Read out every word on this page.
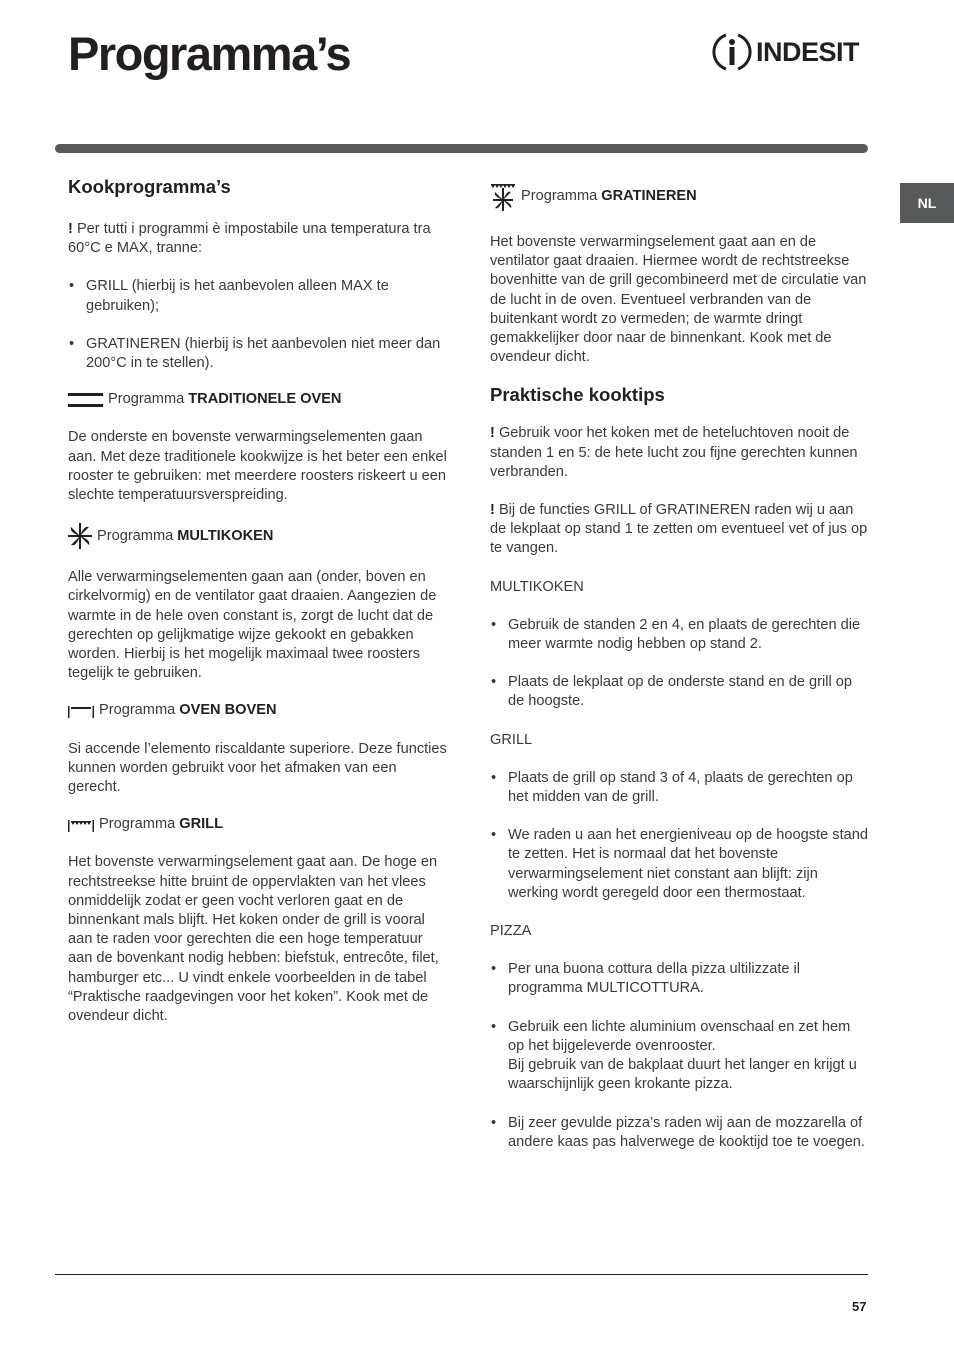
Programma’s	INDESIT
NL
Kookprogramma’s

! Per tutti i programmi è impostabile una temperatura tra 60°C e MAX, tranne:

• GRILL (hierbij is het aanbevolen alleen MAX te gebruiken);
• GRATINEREN (hierbij is het aanbevolen niet meer dan 200°C in te stellen).
Programma TRADITIONELE OVEN

De onderste en bovenste verwarmingselementen gaan aan. Met deze traditionele kookwijze is het beter een enkel rooster te gebruiken: met meerdere roosters riskeert u een slechte temperatuursverspreiding.

Programma MULTIKOKEN

Alle verwarmingselementen gaan aan (onder, boven en cirkelvormig) en de ventilator gaat draaien. Aangezien de warmte in de hele oven constant is, zorgt de lucht dat de gerechten op gelijkmatige wijze gekookt en gebakken worden. Hierbij is het mogelijk maximaal twee roosters tegelijk te gebruiken.

Programma OVEN BOVEN

Si accende l’elemento riscaldante superiore. Deze functies kunnen worden gebruikt voor het afmaken van een gerecht.

Programma GRILL

Het bovenste verwarmingselement gaat aan. De hoge en rechtstreekse hitte bruint de oppervlakten van het vlees onmiddelijk zodat er geen vocht verloren gaat en de binnenkant mals blijft. Het koken onder de grill is vooral aan te raden voor gerechten die een hoge temperatuur aan de bovenkant nodig hebben: biefstuk, entrecôte, filet, hamburger etc... U vindt enkele voorbeelden in de tabel “Praktische raadgevingen voor het koken”. Kook met de ovendeur dicht.

Programma GRATINEREN

Het bovenste verwarmingselement gaat aan en de ventilator gaat draaien. Hiermee wordt de rechtstreekse bovenhitte van de grill gecombineerd met de circulatie van de lucht in de oven. Eventueel verbranden van de buitenkant wordt zo vermeden; de warmte dringt gemakkelijker door naar de binnenkant. Kook met de ovendeur dicht.

Praktische kooktips

! Gebruik voor het koken met de heteluchtoven nooit de standen 1 en 5: de hete lucht zou fijne gerechten kunnen verbranden.

! Bij de functies GRILL of GRATINEREN raden wij u aan de lekplaat op stand 1 te zetten om eventueel vet of jus op te vangen.

MULTIKOKEN

• Gebruik de standen 2 en 4, en plaats de gerechten die meer warmte nodig hebben op stand 2.
• Plaats de lekplaat op de onderste stand en de grill op de hoogste.

GRILL

• Plaats de grill op stand 3 of 4, plaats de gerechten op het midden van de grill.
• We raden u aan het energieniveau op de hoogste stand te zetten. Het is normaal dat het bovenste verwarmingselement niet constant aan blijft: zijn werking wordt geregeld door een thermostaat.

PIZZA

• Per una buona cottura della pizza ultilizzate il programma MULTICOTTURA.
• Gebruik een lichte aluminium ovenschaal en zet hem op het bijgeleverde ovenrooster.
Bij gebruik van de bakplaat duurt het langer en krijgt u waarschijnlijk geen krokante pizza.
• Bij zeer gevulde pizza’s raden wij aan de mozzarella of andere kaas pas halverwege de kooktijd toe te voegen.
57
